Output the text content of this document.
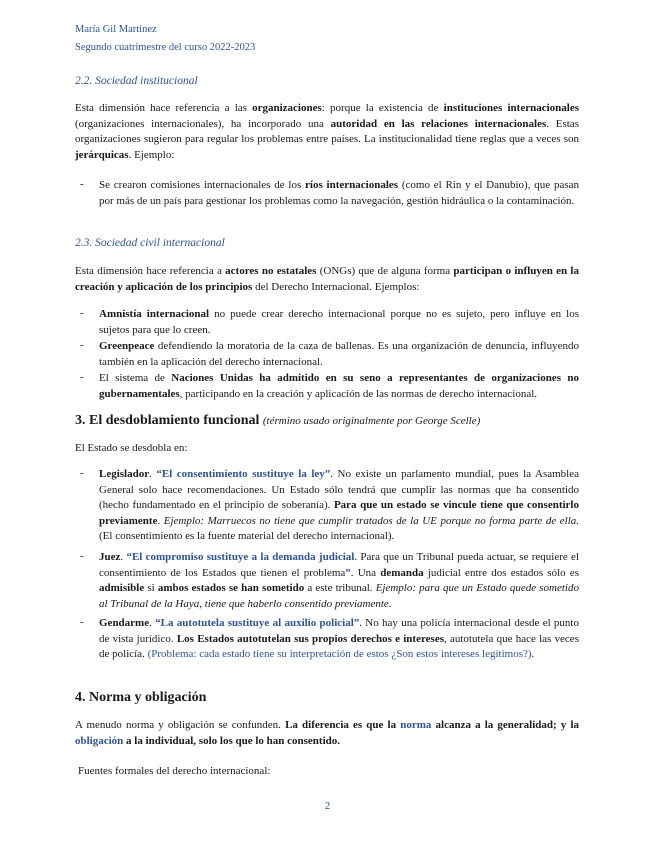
María Gil Martínez
Segundo cuatrimestre del curso 2022-2023
2.2. Sociedad institucional
Esta dimensión hace referencia a las organizaciones: porque la existencia de instituciones internacionales (organizaciones internacionales), ha incorporado una autoridad en las relaciones internacionales. Estas organizaciones sugieron para regular los problemas entre países. La institucionalidad tiene reglas que a veces son jerárquicas. Ejemplo:
- Se crearon comisiones internacionales de los ríos internacionales (como el Rin y el Danubio), que pasan por más de un país para gestionar los problemas como la navegación, gestión hidráulica o la contaminación.
2.3. Sociedad civil internacional
Esta dimensión hace referencia a actores no estatales (ONGs) que de alguna forma participan o influyen en la creación y aplicación de los principios del Derecho Internacional. Ejemplos:
- Amnistía internacional no puede crear derecho internacional porque no es sujeto, pero influye en los sujetos para que lo creen.
- Greenpeace defendiendo la moratoria de la caza de ballenas. Es una organización de denuncia, influyendo también en la aplicación del derecho internacional.
- El sistema de Naciones Unidas ha admitido en su seno a representantes de organizaciones no gubernamentales, participando en la creación y aplicación de las normas de derecho internacional.
3. El desdoblamiento funcional (término usado originalmente por George Scelle)
El Estado se desdobla en:
- Legislador. “El consentimiento sustituye la ley”. No existe un parlamento mundial, pues la Asamblea General solo hace recomendaciones. Un Estado sólo tendrá que cumplir las normas que ha consentido (hecho fundamentado en el principio de soberanía). Para que un estado se vincule tiene que consentirlo previamente. Ejemplo: Marruecos no tiene que cumplir tratados de la UE porque no forma parte de ella. (El consentimiento es la fuente material del derecho internacional).
- Juez. “El compromiso sustituye a la demanda judicial. Para que un Tribunal pueda actuar, se requiere el consentimiento de los Estados que tienen el problema”. Una demanda judicial entre dos estados sólo es admisible si ambos estados se han sometido a este tribunal. Ejemplo: para que un Estado quede sometido al Tribunal de la Haya, tiene que haberlo consentido previamente.
- Gendarme. “La autotutela sustituye al auxilio policial”. No hay una policía internacional desde el punto de vista jurídico. Los Estados autotutelan sus propios derechos e intereses, autotutela que hace las veces de policía. (Problema: cada estado tiene su interpretación de estos ¿Son estos intereses legítimos?).
4. Norma y obligación
A menudo norma y obligación se confunden. La diferencia es que la norma alcanza a la generalidad; y la obligación a la individual, solo los que lo han consentido.
Fuentes formales del derecho internacional:
2
